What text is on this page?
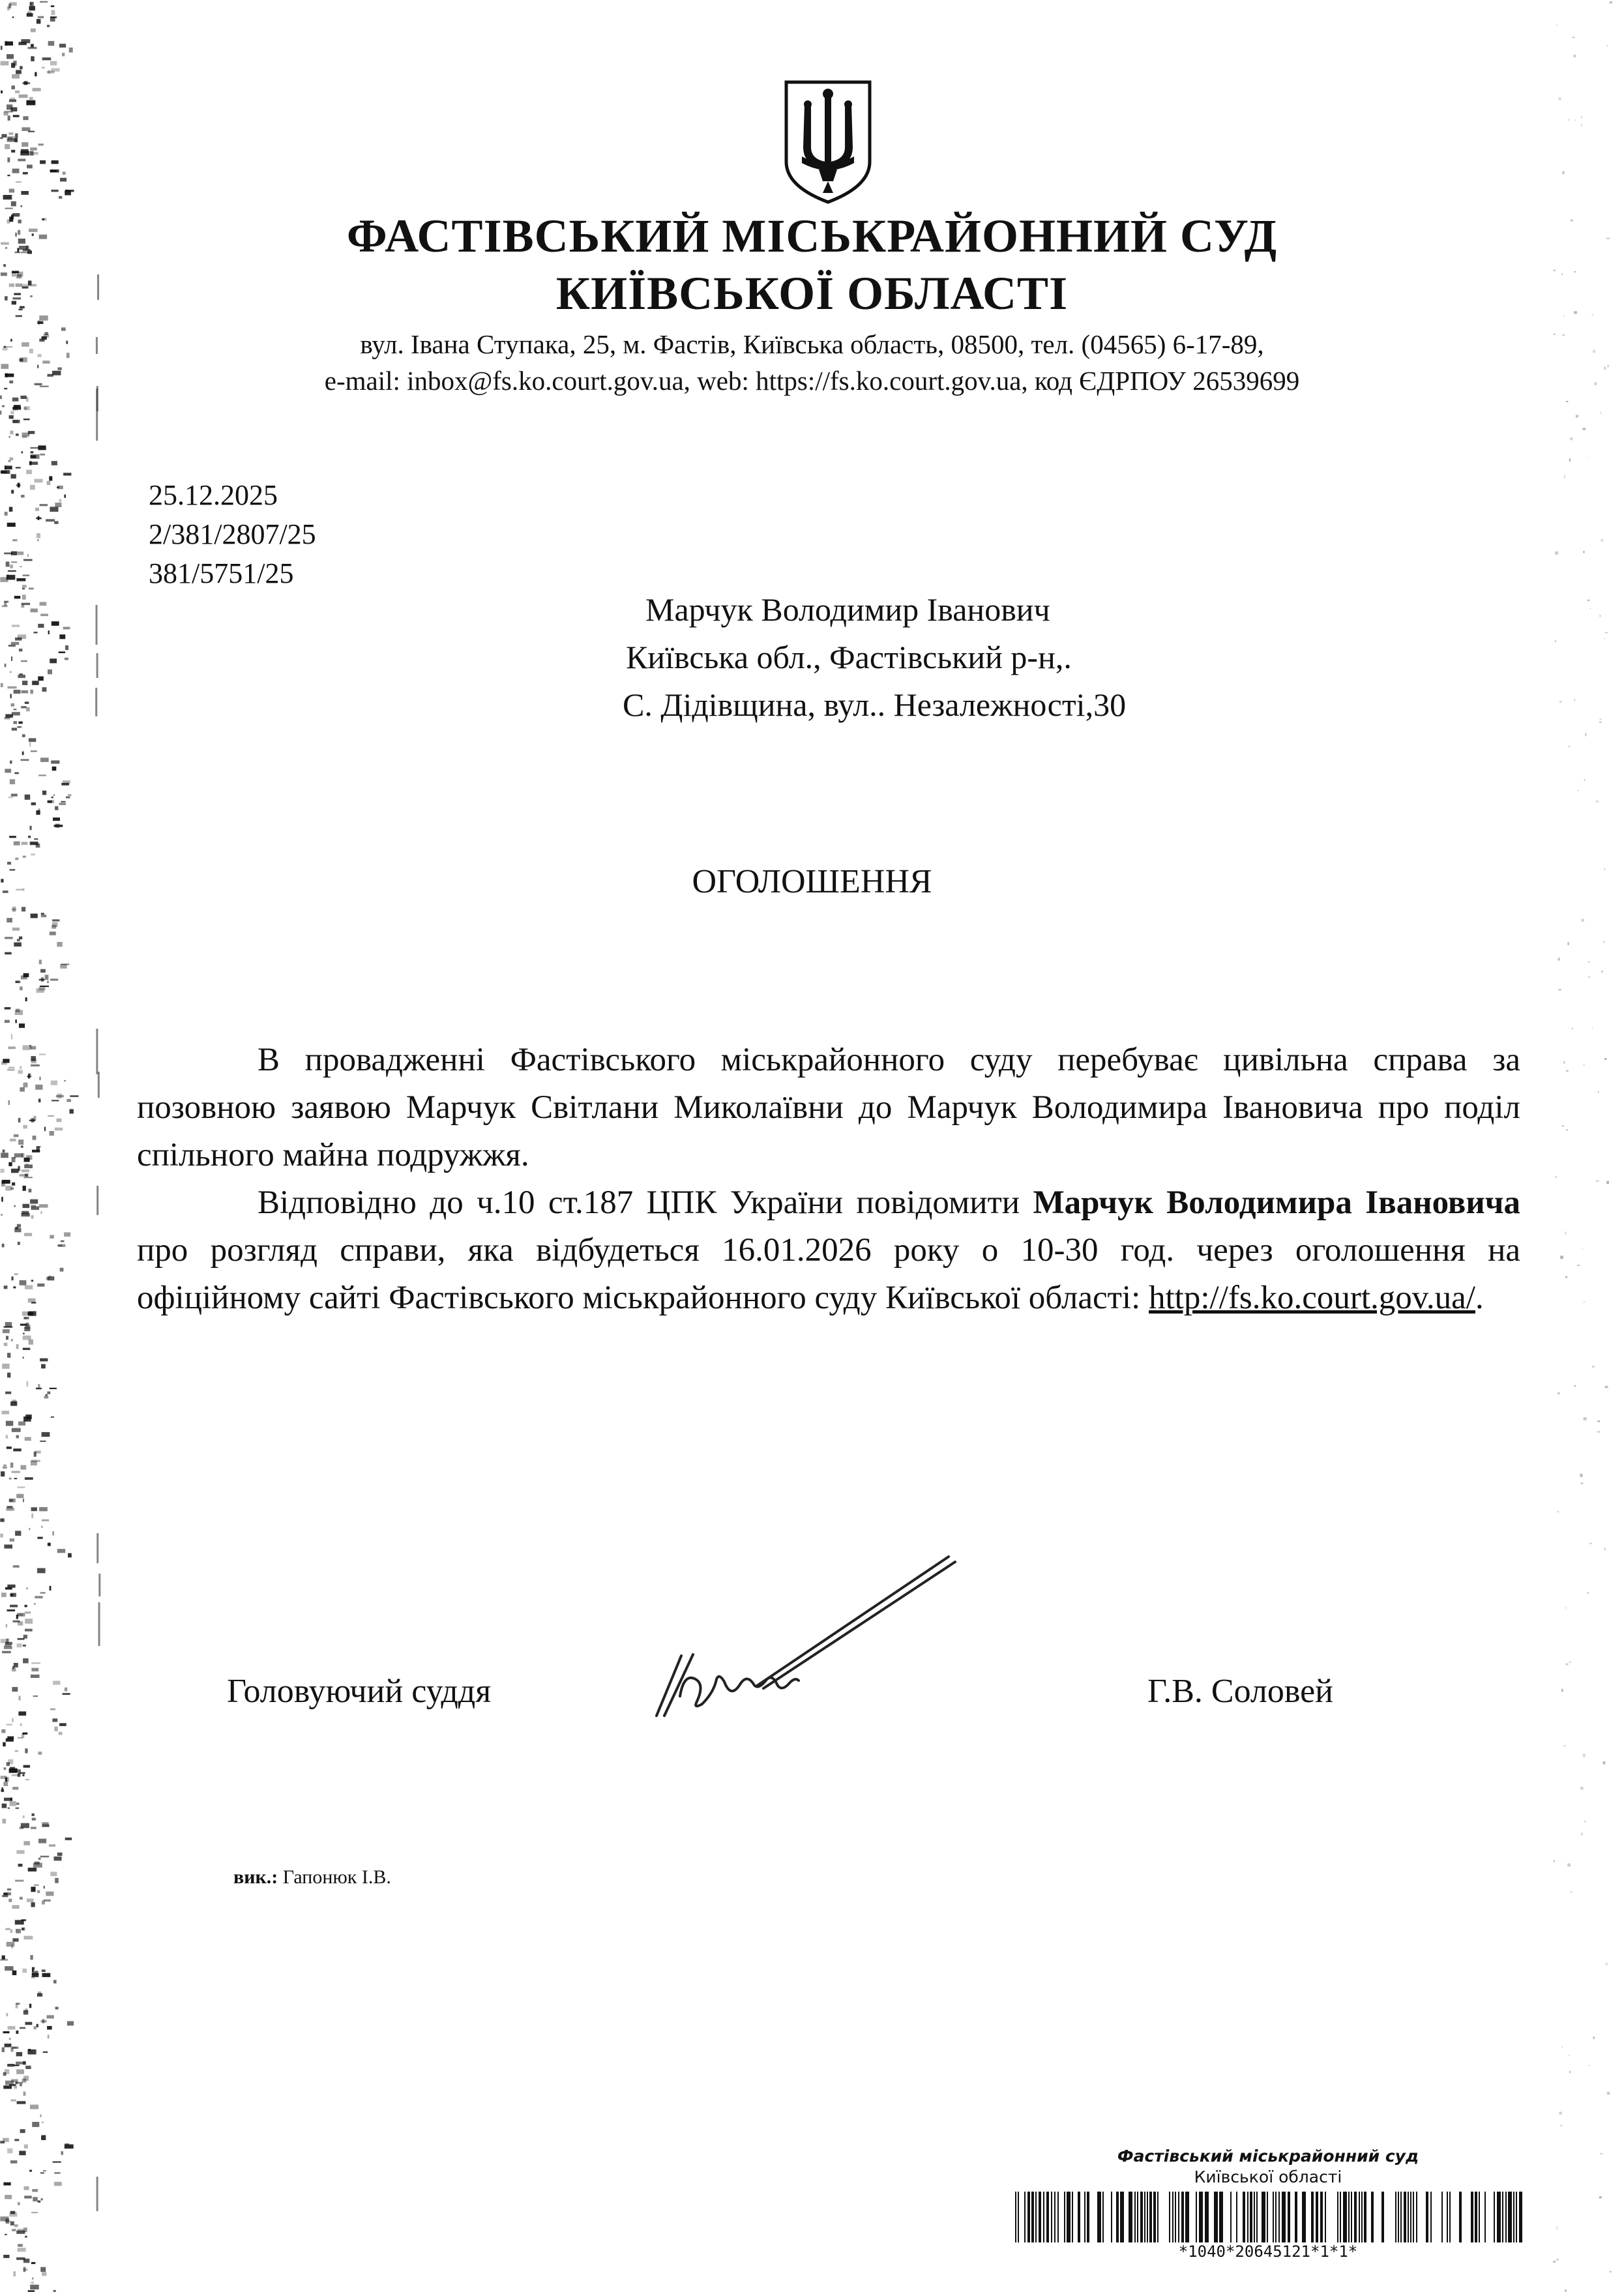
ФАСТІВСЬКИЙ МІСЬКРАЙОННИЙ СУД
КИЇВСЬКОЇ ОБЛАСТІ
вул. Івана Ступака, 25, м. Фастів, Київська область, 08500, тел. (04565) 6-17-89,
e-mail: inbox@fs.ko.court.gov.ua, web: https://fs.ko.court.gov.ua, код ЄДРПОУ 26539699
25.12.2025
2/381/2807/25
381/5751/25
Марчук Володимир Іванович
Київська обл., Фастівський р-н,.
С. Дідівщина, вул.. Незалежності,30
ОГОЛОШЕННЯ

В провадженні Фастівського міськрайонного суду перебуває цивільна справа за позовною заявою Марчук Світлани Миколаївни до Марчук Володимира Івановича про поділ спільного майна подружжя.

Відповідно до ч.10 ст.187 ЦПК України повідомити Марчук Володимира Івановича про розгляд справи, яка відбудеться 16.01.2026 року о 10-30 год. через оголошення на офіційному сайті Фастівського міськрайонного суду Київської області: http://fs.ko.court.gov.ua/.

Головуючий суддя	Г.В. Соловей
вик.: Гапонюк І.В.
Фастівський міськрайонний суд
Київської області
*1040*20645121*1*1*
